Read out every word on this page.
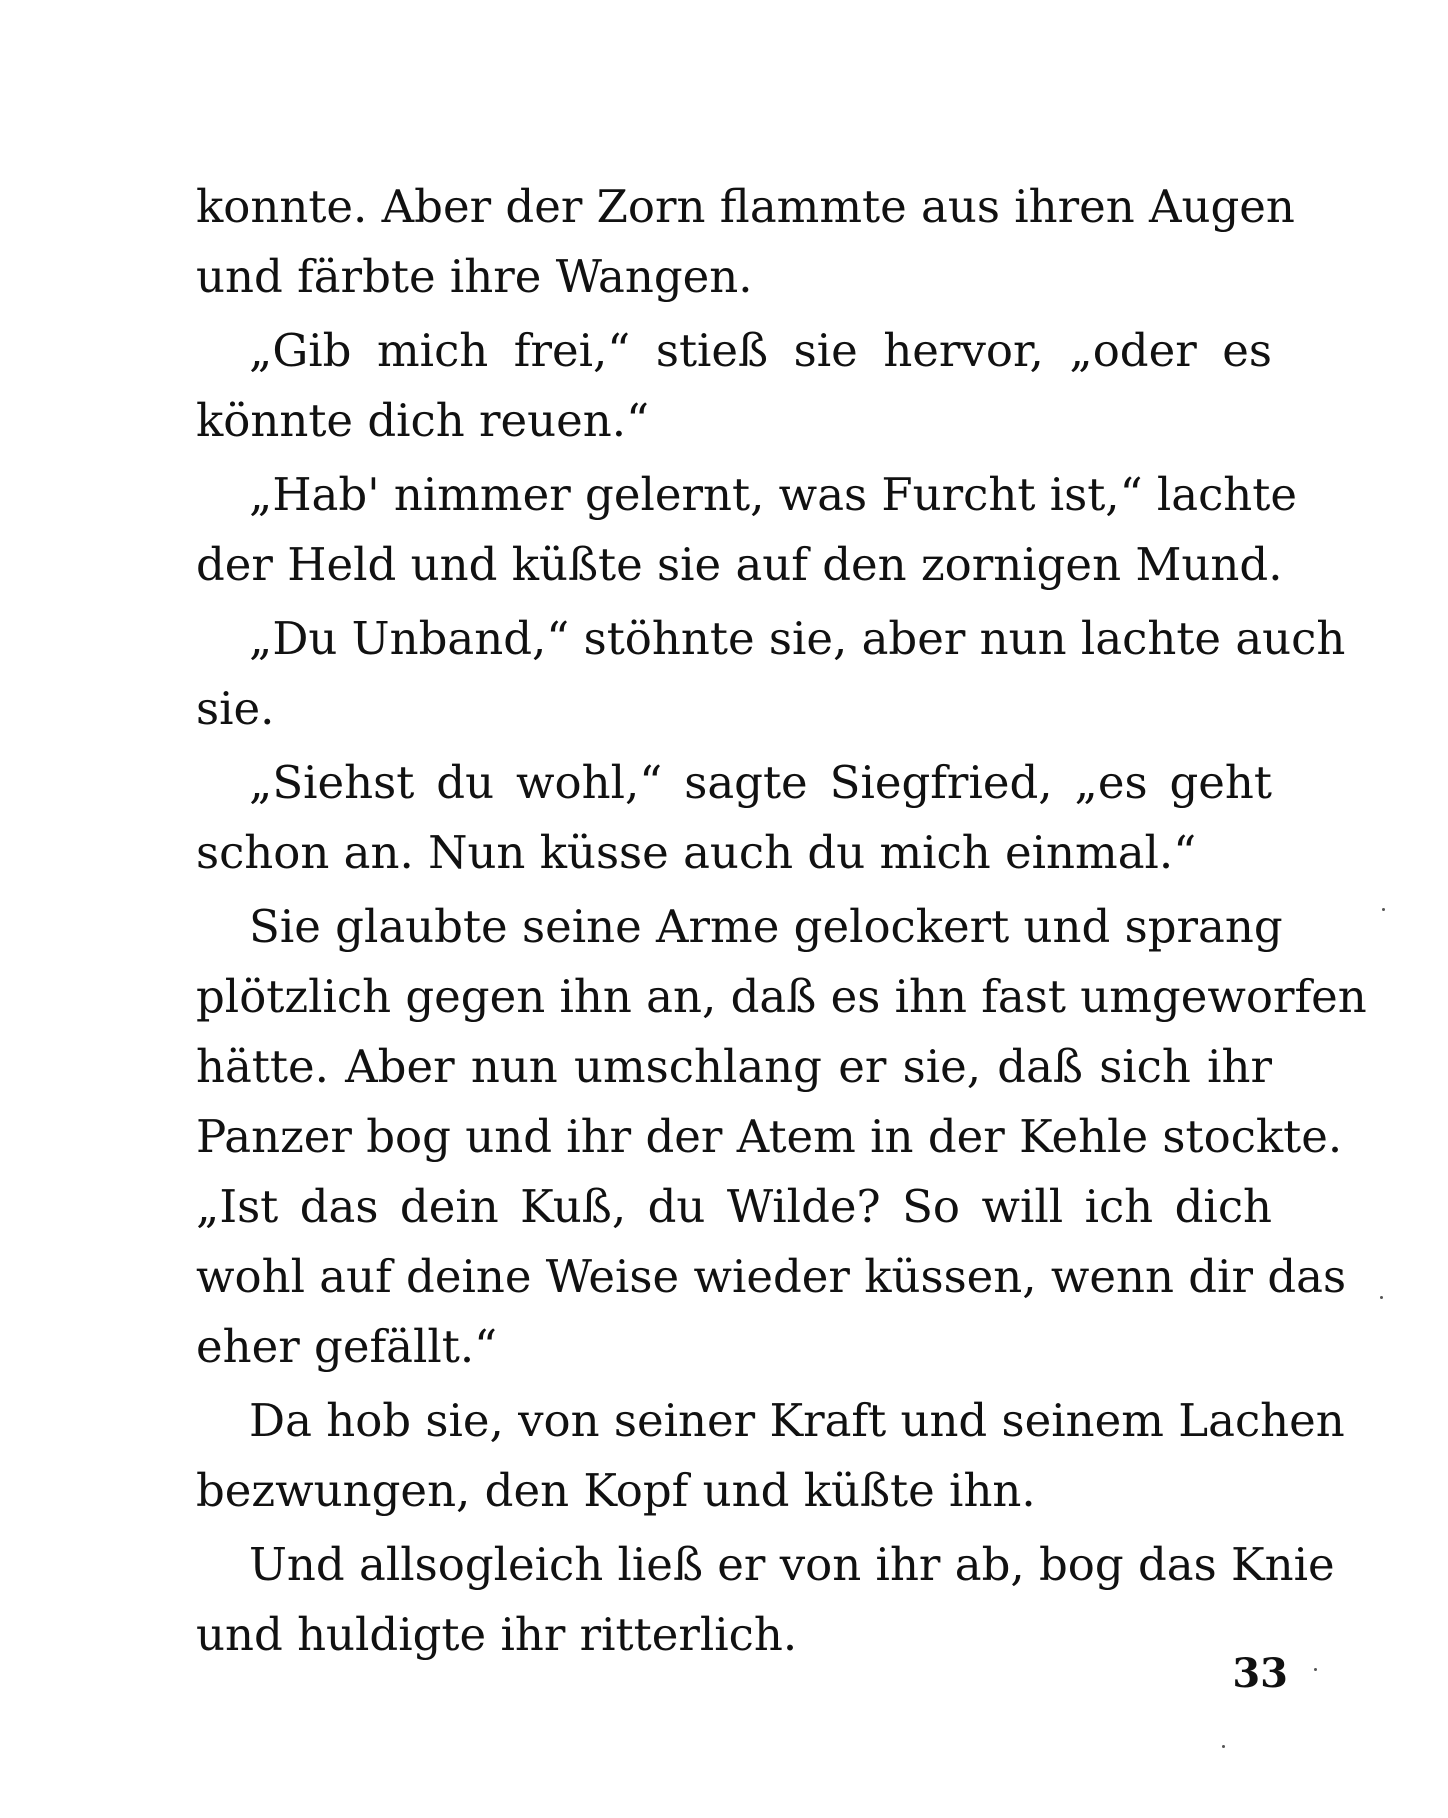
konnte. Aber der Zorn flammte aus ihren Augen
und färbte ihre Wangen.
„Gib mich frei,“ stieß sie hervor, „oder es
könnte dich reuen.“
„Hab' nimmer gelernt, was Furcht ist,“ lachte
der Held und küßte sie auf den zornigen Mund.
„Du Unband,“ stöhnte sie, aber nun lachte auch
sie.
„Siehst du wohl,“ sagte Siegfried, „es geht
schon an. Nun küsse auch du mich einmal.“
Sie glaubte seine Arme gelockert und sprang
plötzlich gegen ihn an, daß es ihn fast umgeworfen
hätte. Aber nun umschlang er sie, daß sich ihr
Panzer bog und ihr der Atem in der Kehle stockte.
„Ist das dein Kuß, du Wilde? So will ich dich
wohl auf deine Weise wieder küssen, wenn dir das
eher gefällt.“
Da hob sie, von seiner Kraft und seinem Lachen
bezwungen, den Kopf und küßte ihn.
Und allsogleich ließ er von ihr ab, bog das Knie
und huldigte ihr ritterlich.
33
